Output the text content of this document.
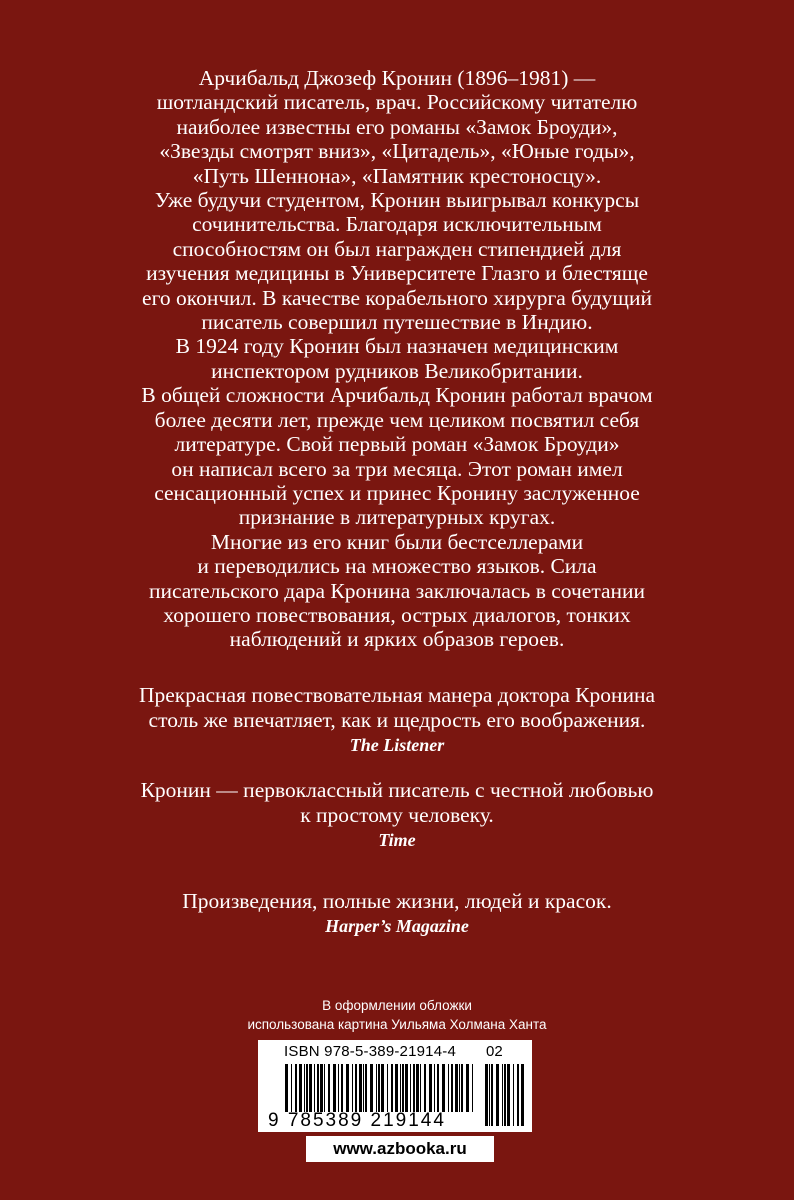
Арчибальд Джозеф Кронин (1896–1981) —
шотландский писатель, врач. Российскому читателю
наиболее известны его романы «Замок Броуди»,
«Звезды смотрят вниз», «Цитадель», «Юные годы»,
«Путь Шеннона», «Памятник крестоносцу».
Уже будучи студентом, Кронин выигрывал конкурсы
сочинительства. Благодаря исключительным
способностям он был награжден стипендией для
изучения медицины в Университете Глазго и блестяще
его окончил. В качестве корабельного хирурга будущий
писатель совершил путешествие в Индию.
В 1924 году Кронин был назначен медицинским
инспектором рудников Великобритании.
В общей сложности Арчибальд Кронин работал врачом
более десяти лет, прежде чем целиком посвятил себя
литературе. Свой первый роман «Замок Броуди»
он написал всего за три месяца. Этот роман имел
сенсационный успех и принес Кронину заслуженное
признание в литературных кругах.
Многие из его книг были бестселлерами
и переводились на множество языков. Сила
писательского дара Кронина заключалась в сочетании
хорошего повествования, острых диалогов, тонких
наблюдений и ярких образов героев.
Прекрасная повествовательная манера доктора Кронина
столь же впечатляет, как и щедрость его воображения.
The Listener
Кронин — первоклассный писатель с честной любовью
к простому человеку.
Time
Произведения, полные жизни, людей и красок.
Harper’s Magazine
В оформлении обложки
использована картина Уильяма Холмана Ханта
ISBN 978-5-389-21914-4 02
9 785389 219144
www.azbooka.ru
